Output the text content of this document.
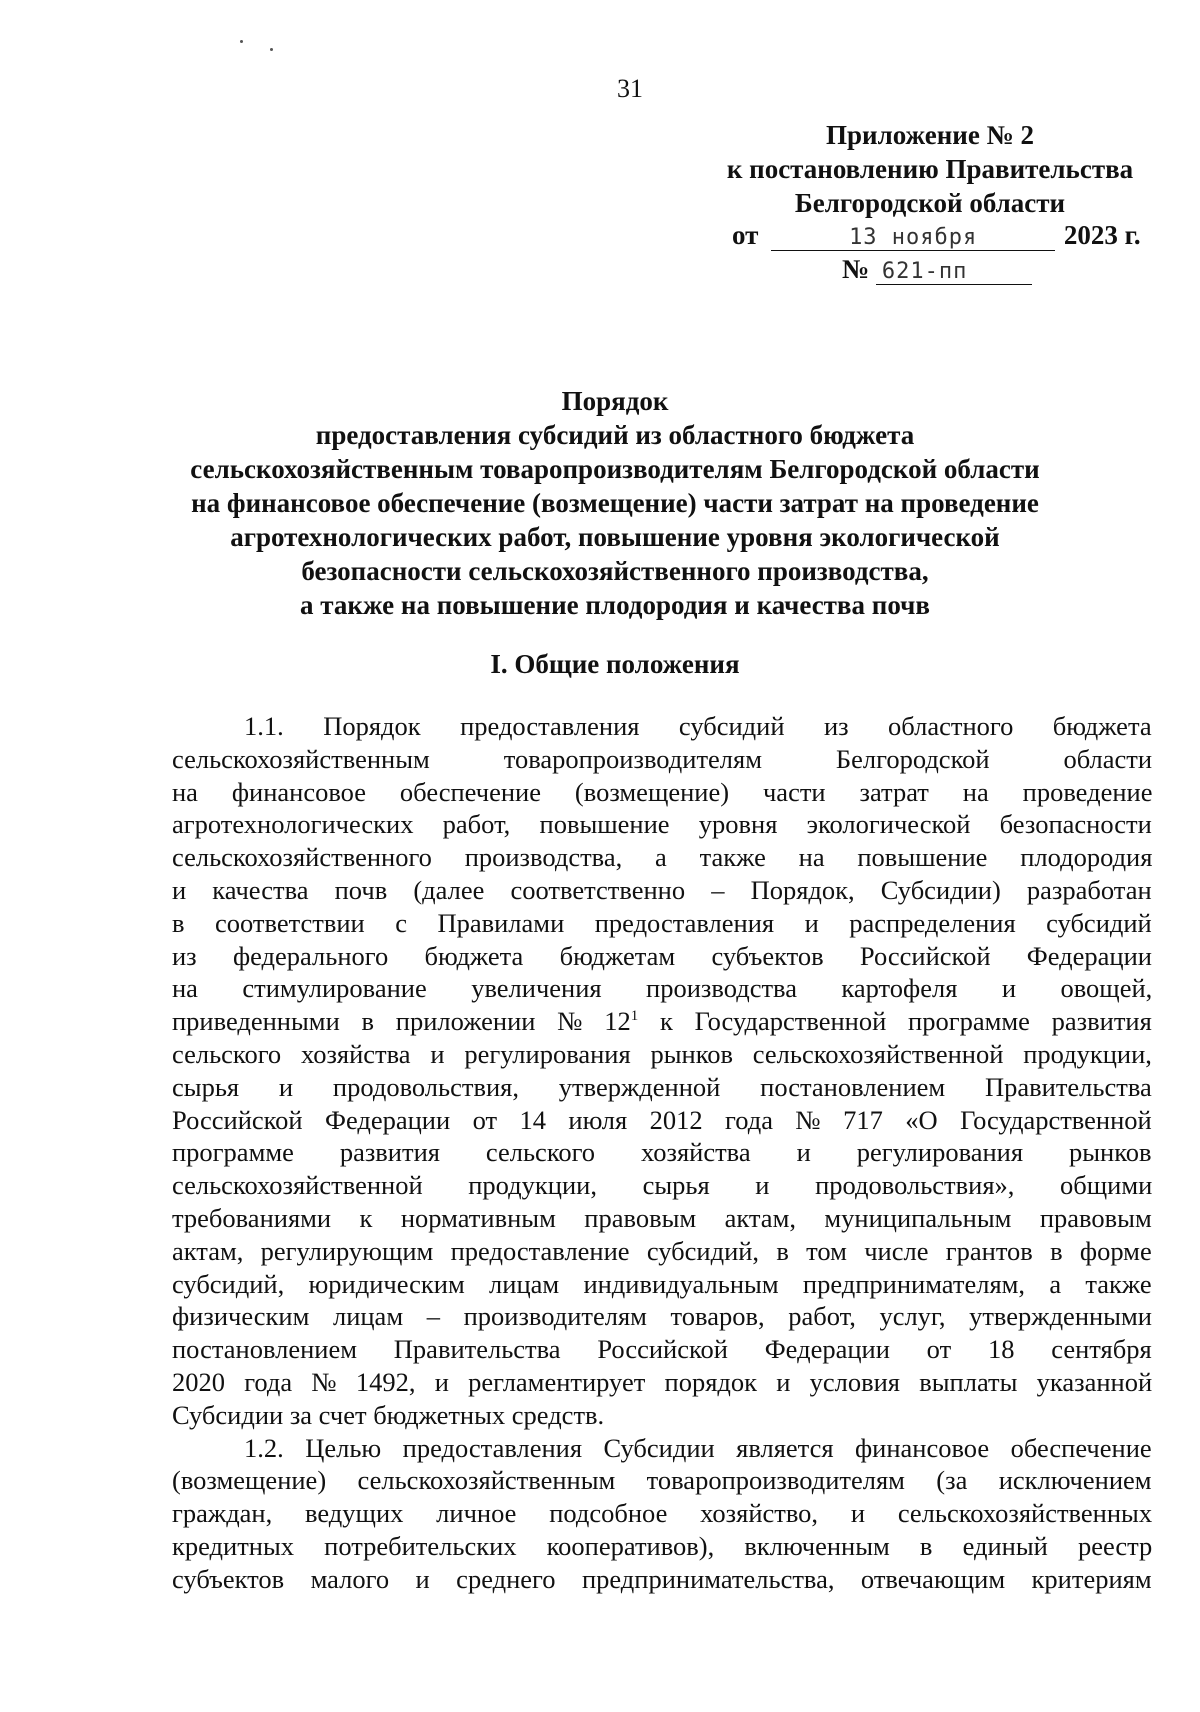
31
Приложение № 2
к постановлению Правительства
Белгородской области
от	13 ноября	2023 г.
№ 621-пп
Порядок
предоставления субсидий из областного бюджета
сельскохозяйственным товаропроизводителям Белгородской области
на финансовое обеспечение (возмещение) части затрат на проведение
агротехнологических работ, повышение уровня экологической
безопасности сельскохозяйственного производства,
а также на повышение плодородия и качества почв
I. Общие положения
1.1. Порядок предоставления субсидий из областного бюджета
сельскохозяйственным товаропроизводителям Белгородской области
на финансовое обеспечение (возмещение) части затрат на проведение
агротехнологических работ, повышение уровня экологической безопасности
сельскохозяйственного производства, а также на повышение плодородия
и качества почв (далее соответственно – Порядок, Субсидии) разработан
в соответствии с Правилами предоставления и распределения субсидий
из федерального бюджета бюджетам субъектов Российской Федерации
на стимулирование увеличения производства картофеля и овощей,
приведенными в приложении № $12^1$ к Государственной программе развития
сельского хозяйства и регулирования рынков сельскохозяйственной продукции,
сырья и продовольствия, утвержденной постановлением Правительства
Российской Федерации от 14 июля 2012 года № 717 «О Государственной
программе развития сельского хозяйства и регулирования рынков
сельскохозяйственной продукции, сырья и продовольствия», общими
требованиями к нормативным правовым актам, муниципальным правовым
актам, регулирующим предоставление субсидий, в том числе грантов в форме
субсидий, юридическим лицам индивидуальным предпринимателям, а также
физическим лицам – производителям товаров, работ, услуг, утвержденными
постановлением Правительства Российской Федерации от 18 сентября
2020 года № 1492, и регламентирует порядок и условия выплаты указанной
Субсидии за счет бюджетных средств.
1.2. Целью предоставления Субсидии является финансовое обеспечение
(возмещение) сельскохозяйственным товаропроизводителям (за исключением
граждан, ведущих личное подсобное хозяйство, и сельскохозяйственных
кредитных потребительских кооперативов), включенным в единый реестр
субъектов малого и среднего предпринимательства, отвечающим критериям
